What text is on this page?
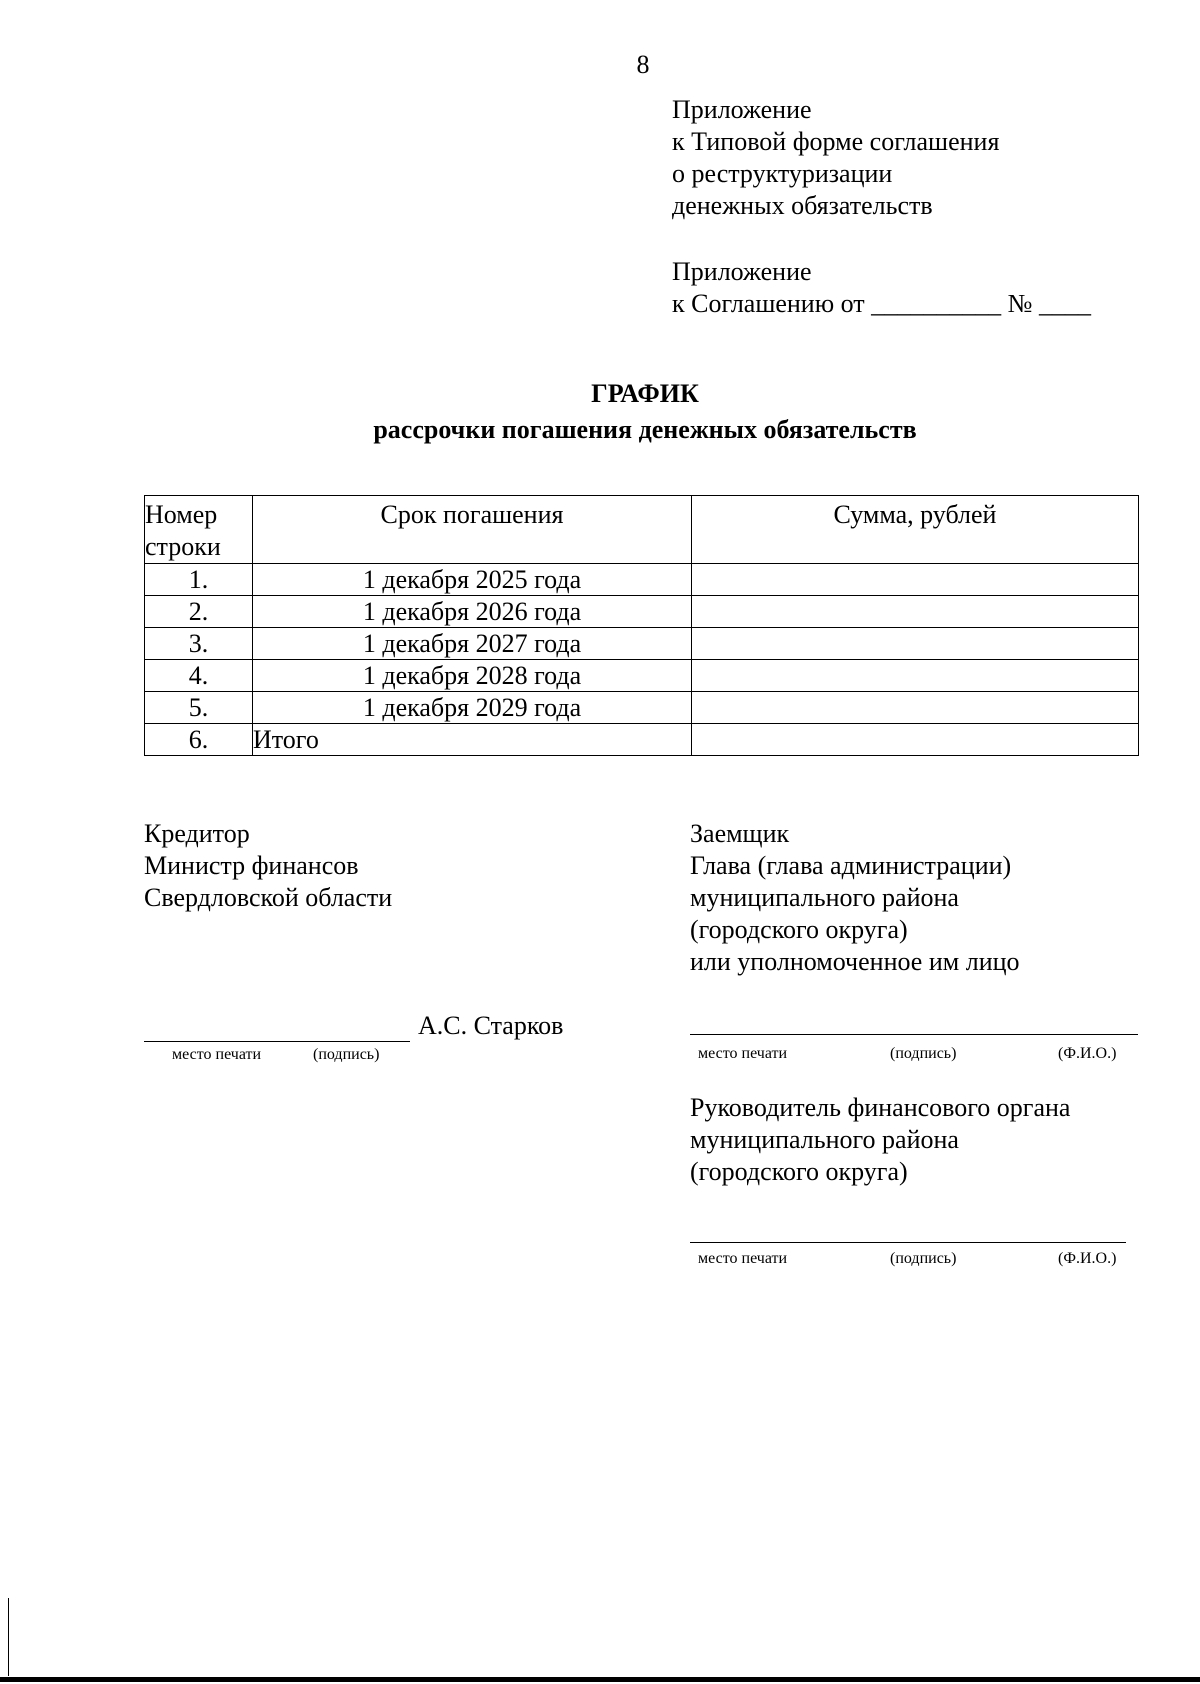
8
Приложение
к Типовой форме соглашения
о реструктуризации
денежных обязательств
Приложение
к Соглашению от __________ № ____
ГРАФИК
рассрочки погашения денежных обязательств
Номер строки	Срок погашения	Сумма, рублей
1.	1 декабря 2025 года	
2.	1 декабря 2026 года	
3.	1 декабря 2027 года	
4.	1 декабря 2028 года	
5.	1 декабря 2029 года	
6.	Итого	
Кредитор
Министр финансов
Свердловской области
А.С. Старков
место печати	(подпись)
Заемщик
Глава (глава администрации)
муниципального района
(городского округа)
или уполномоченное им лицо
место печати	(подпись)	(Ф.И.О.)
Руководитель финансового органа
муниципального района
(городского округа)
место печати	(подпись)	(Ф.И.О.)
